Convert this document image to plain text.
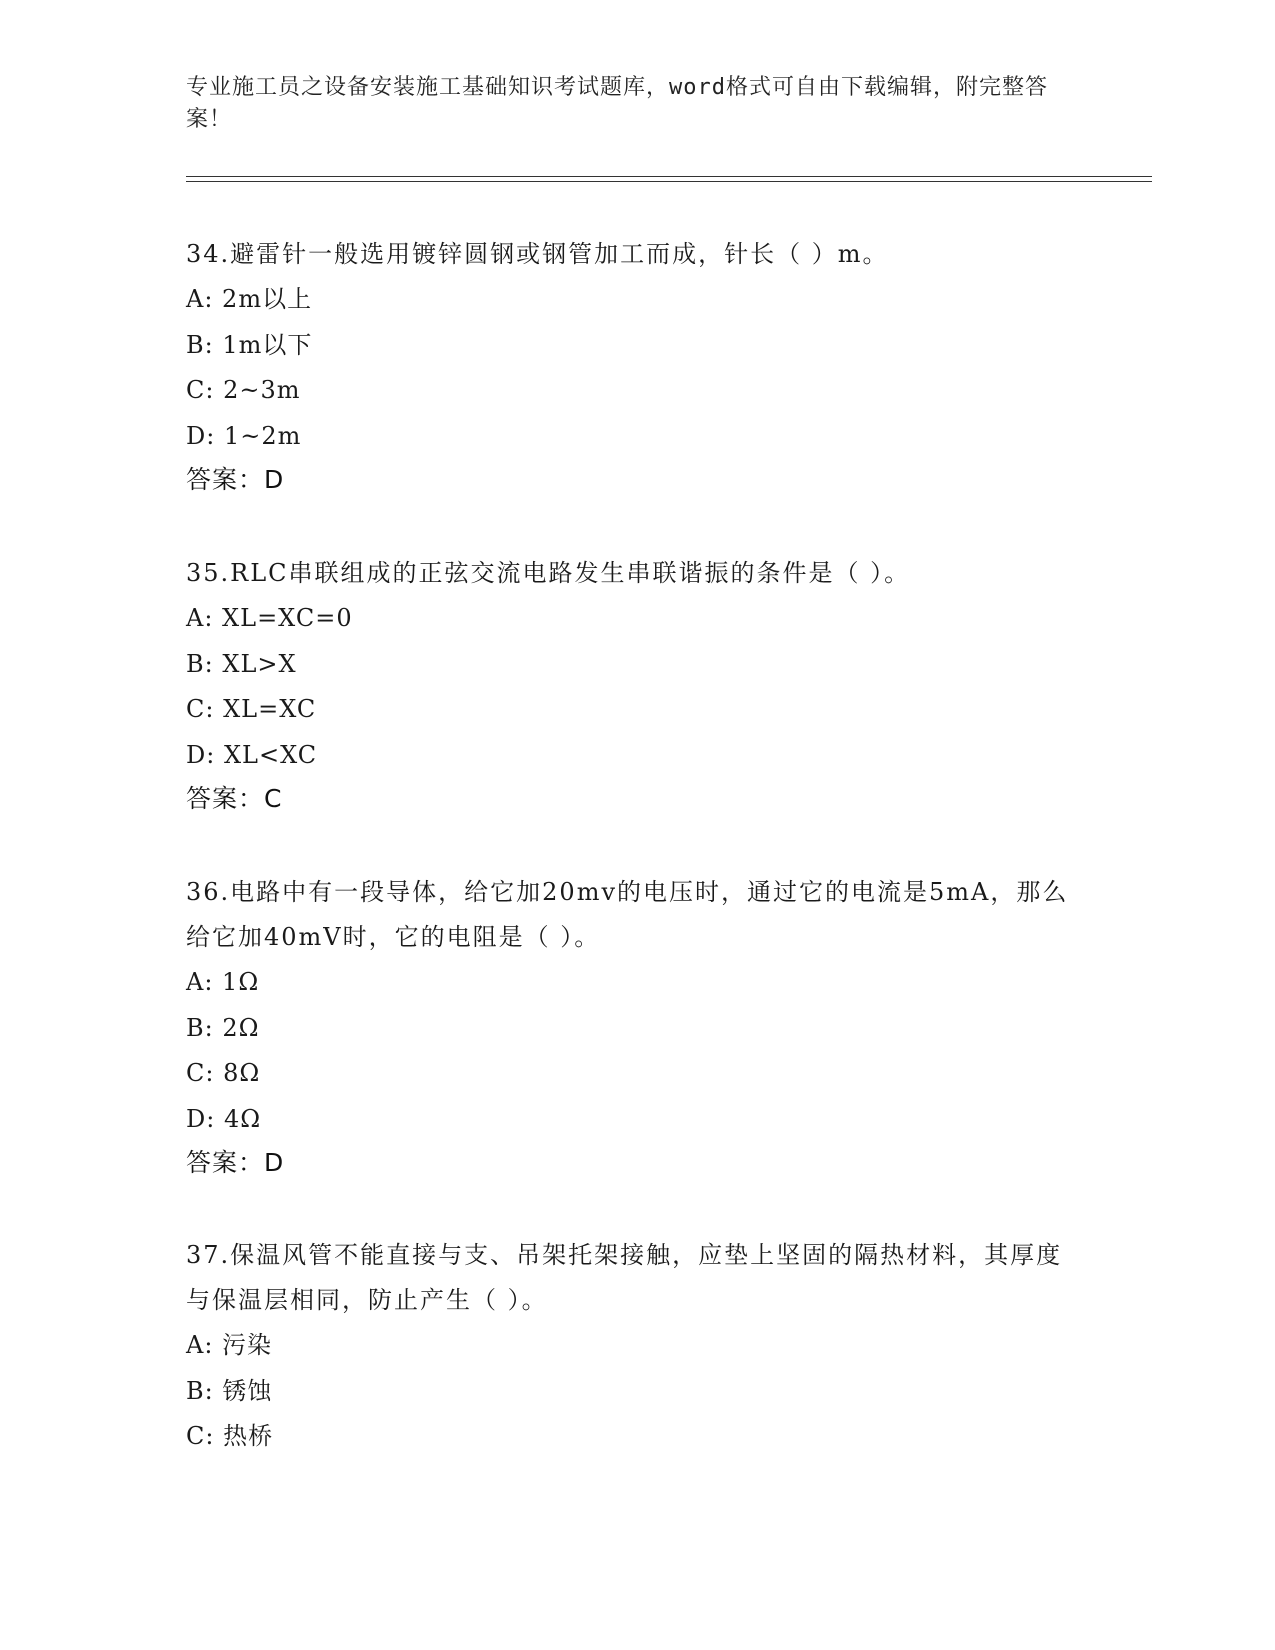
专业施工员之设备安装施工基础知识考试题库，word格式可自由下载编辑，附完整答案！
34.避雷针一般选用镀锌圆钢或钢管加工而成，针长（ ）m。
A: 2m以上
B: 1m以下
C: 2~3m
D: 1~2m
答案：D
35.RLC串联组成的正弦交流电路发生串联谐振的条件是（ ）。
A: XL=XC=0
B: XL>X
C: XL=XC
D: XL<XC
答案：C
36.电路中有一段导体，给它加20mv的电压时，通过它的电流是5mA，那么给它加40mV时，它的电阻是（ ）。
A: 1Ω
B: 2Ω
C: 8Ω
D: 4Ω
答案：D
37.保温风管不能直接与支、吊架托架接触，应垫上坚固的隔热材料，其厚度与保温层相同，防止产生（ ）。
A: 污染
B: 锈蚀
C: 热桥
